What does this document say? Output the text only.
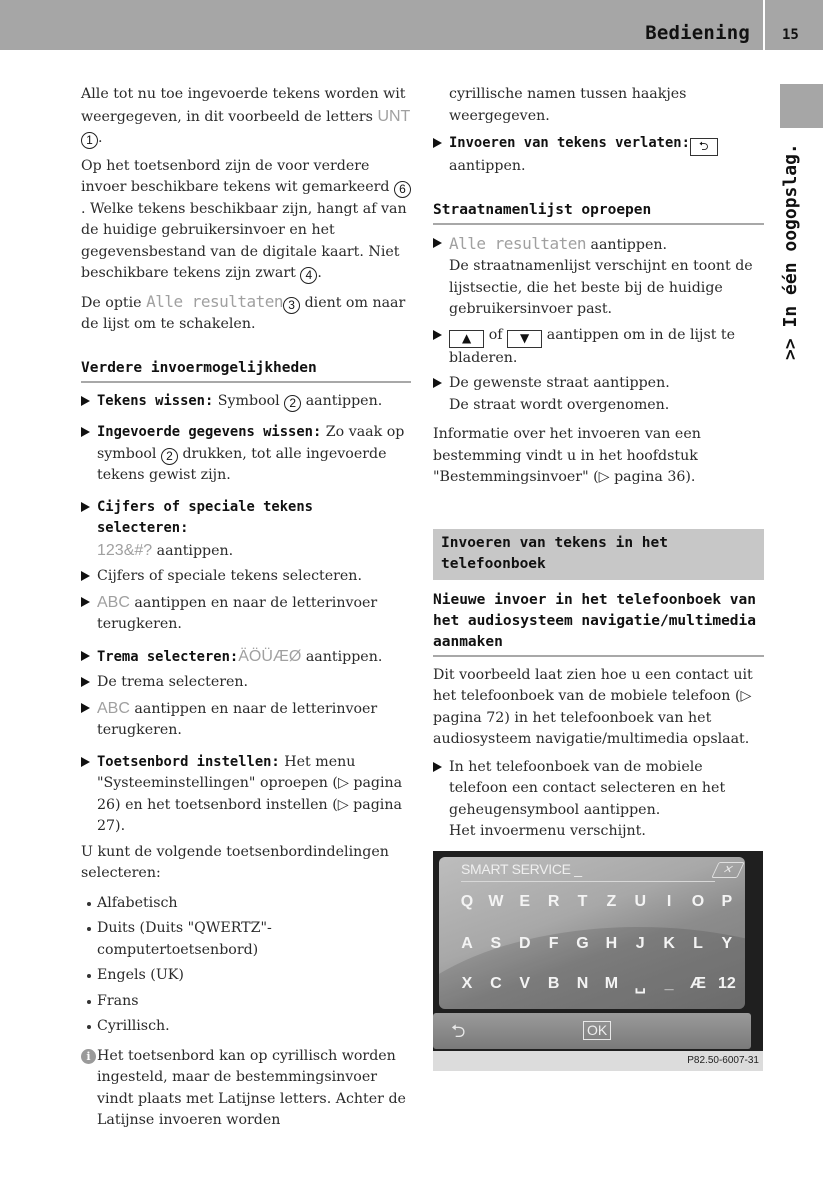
Bediening 15
>> In één oogopslag.

Alle tot nu toe ingevoerde tekens worden wit weergegeven, in dit voorbeeld de letters UNT1 .

Op het toetsenbord zijn de voor verdere invoer beschikbare tekens wit gemarkeerd 6. Welke tekens beschikbaar zijn, hangt af van de huidige gebruikersinvoer en het gegevensbestand van de digitale kaart. Niet beschikbare tekens zijn zwart 4 .

De optie Alle resultaten 3 dient om naar de lijst om te schakelen.

Verdere invoermogelijkheden
Tekens wissen: Symbool 2 aantippen.
Ingevoerde gegevens wissen: Zo vaak op symbool 2 drukken, tot alle ingevoerde tekens gewist zijn.
Cijfers of speciale tekens selecteren:
123&#? aantippen.
Cijfers of speciale tekens selecteren.
ABC aantippen en naar de letterinvoer terugkeren.
Trema selecteren:ÄÖÜÆØ aantippen.
De trema selecteren.
ABC aantippen en naar de letterinvoer terugkeren.
Toetsenbord instellen: Het menu "Systeeminstellingen" oproepen (▷ pagina 26) en het toetsenbord instellen (▷ pagina 27).

U kunt de volgende toetsenbordindelingen selecteren:

Alfabetisch
Duits (Duits "QWERTZ"-computertoetsenbord)
Engels (UK)
Frans
Cyrillisch.
i Het toetsenbord kan op cyrillisch worden ingesteld, maar de bestemmingsinvoer vindt plaats met Latijnse letters. Achter de Latijnse invoeren worden

cyrillische namen tussen haakjes weergegeven.

Invoeren van tekens verlaten: ⮌ aantippen.
Straatnamenlijst oproepen
Alle resultaten aantippen.
De straatnamenlijst verschijnt en toont de lijstsectie, die het beste bij de huidige gebruikersinvoer past.
▲ of ▼ aantippen om in de lijst te bladeren.
De gewenste straat aantippen.
De straat wordt overgenomen.

Informatie over het invoeren van een bestemming vindt u in het hoofdstuk "Bestemmingsinvoer" (▷ pagina 36).

Invoeren van tekens in het telefoonboek
Nieuwe invoer in het telefoonboek van het audiosysteem navigatie/multimedia aanmaken

Dit voorbeeld laat zien hoe u een contact uit het telefoonboek van de mobiele telefoon (▷ pagina 72) in het telefoonboek van het audiosysteem navigatie/multimedia opslaat.

In het telefoonboek van de mobiele telefoon een contact selecteren en het geheugensymbool aantippen.
Het invoermenu verschijnt.
SMART SERVICE _	✕
Q W E	R	T	Z	U	I	O	P
A	S	D	F	G	H	J	K	L	Y
X	C	V	B	N	M	␣	_	Æ 12
⮌	OK
P82.50-6007-31
